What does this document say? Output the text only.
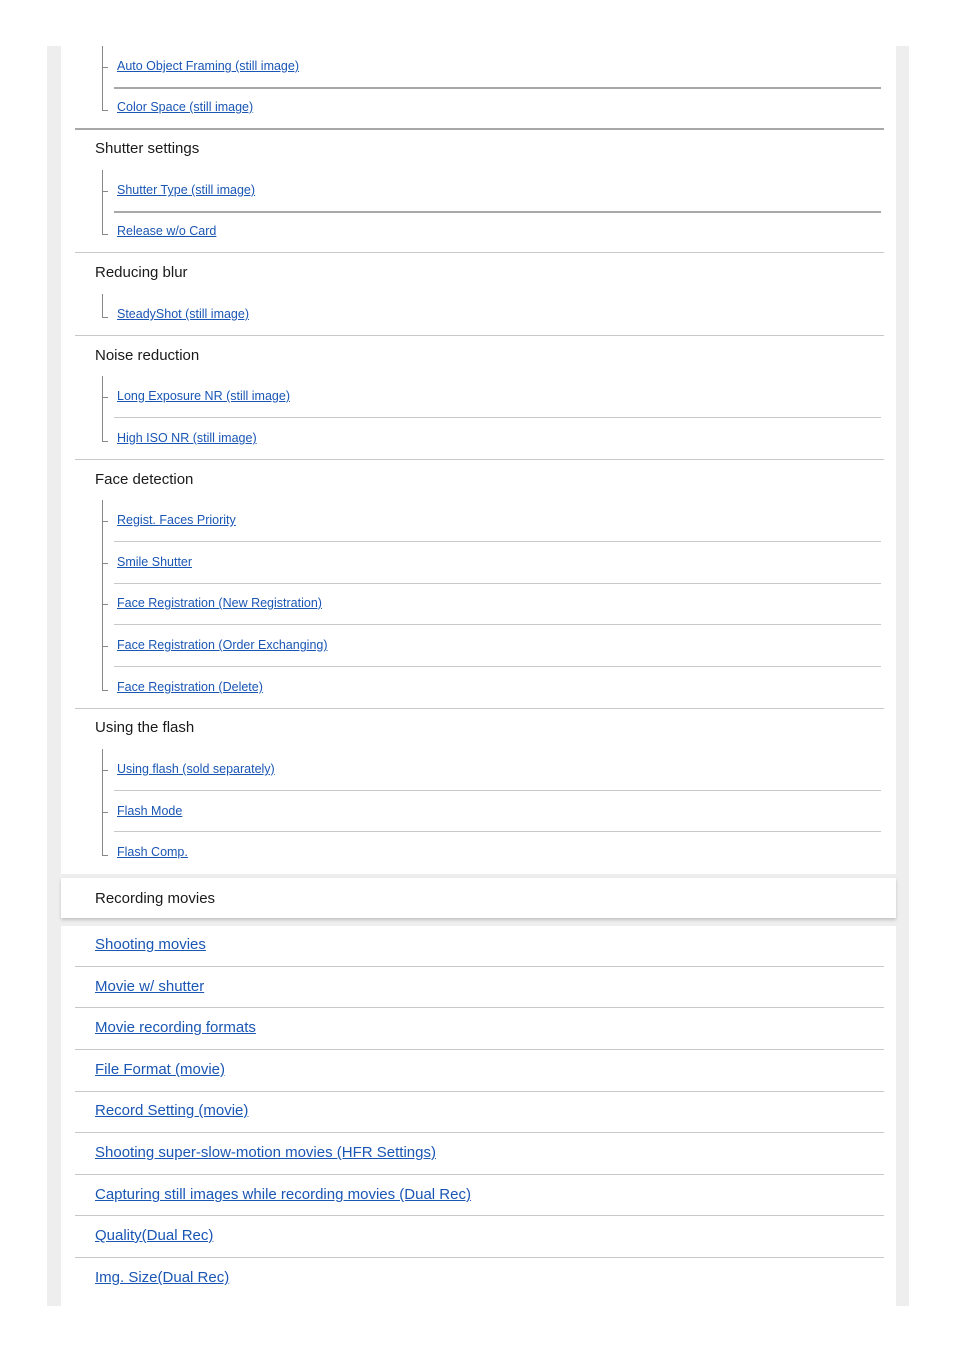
Auto Object Framing (still image)
Color Space (still image)
Shutter settings
Shutter Type (still image)
Release w/o Card
Reducing blur
SteadyShot (still image)
Noise reduction
Long Exposure NR (still image)
High ISO NR (still image)
Face detection
Regist. Faces Priority
Smile Shutter
Face Registration (New Registration)
Face Registration (Order Exchanging)
Face Registration (Delete)
Using the flash
Using flash (sold separately)
Flash Mode
Flash Comp.
Recording movies
Shooting movies
Movie w/ shutter
Movie recording formats
File Format (movie)
Record Setting (movie)
Shooting super-slow-motion movies (HFR Settings)
Capturing still images while recording movies (Dual Rec)
Quality(Dual Rec)
Img. Size(Dual Rec)
